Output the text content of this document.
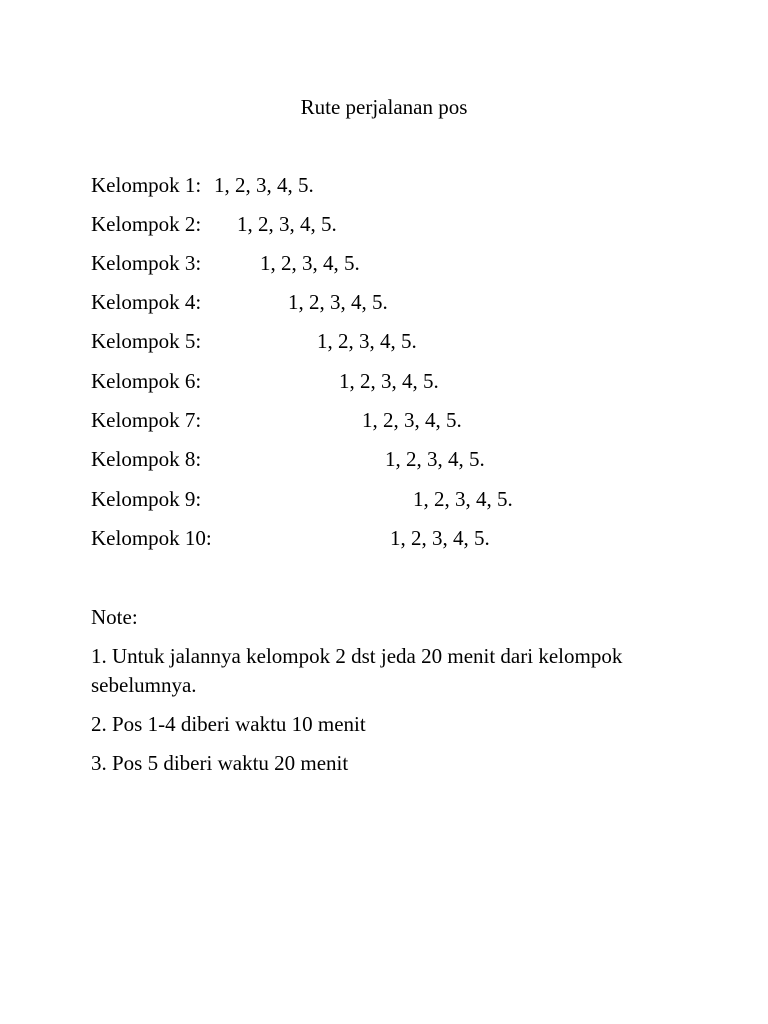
Rute perjalanan pos
Kelompok 1: 1, 2, 3, 4, 5.
Kelompok 2: 1, 2, 3, 4, 5.
Kelompok 3:	1, 2, 3, 4, 5.
Kelompok 4:	1, 2, 3, 4, 5.
Kelompok 5:	1, 2, 3, 4, 5.
Kelompok 6:	1, 2, 3, 4, 5.
Kelompok 7:	1, 2, 3, 4, 5.
Kelompok 8:	1, 2, 3, 4, 5.
Kelompok 9:	1, 2, 3, 4, 5.
Kelompok 10:	1, 2, 3, 4, 5.
Note:
1. Untuk jalannya kelompok 2 dst jeda 20 menit dari kelompok sebelumnya.
2. Pos 1-4 diberi waktu 10 menit
3. Pos 5 diberi waktu 20 menit
